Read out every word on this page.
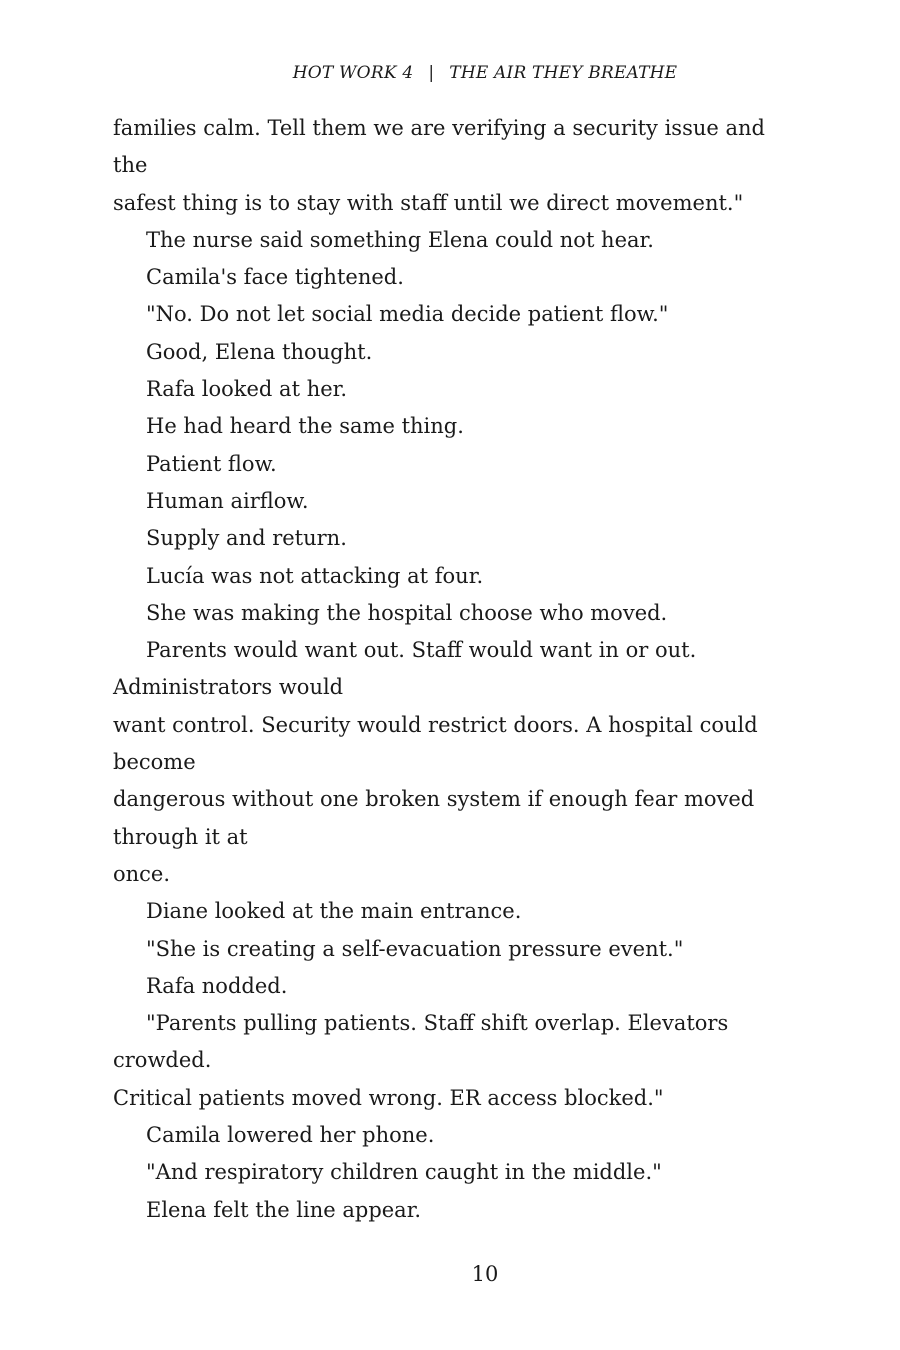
HOT WORK 4 | THE AIR THEY BREATHE
families calm. Tell them we are verifying a security issue and
the
safest thing is to stay with staff until we direct movement."
The nurse said something Elena could not hear.
Camila's face tightened.
"No. Do not let social media decide patient flow."
Good, Elena thought.
Rafa looked at her.
He had heard the same thing.
Patient flow.
Human airflow.
Supply and return.
Lucía was not attacking at four.
She was making the hospital choose who moved.
Parents would want out. Staff would want in or out.
Administrators would
want control. Security would restrict doors. A hospital could
become
dangerous without one broken system if enough fear moved
through it at
once.
Diane looked at the main entrance.
"She is creating a self-evacuation pressure event."
Rafa nodded.
"Parents pulling patients. Staff shift overlap. Elevators
crowded.
Critical patients moved wrong. ER access blocked."
Camila lowered her phone.
"And respiratory children caught in the middle."
Elena felt the line appear.
10
